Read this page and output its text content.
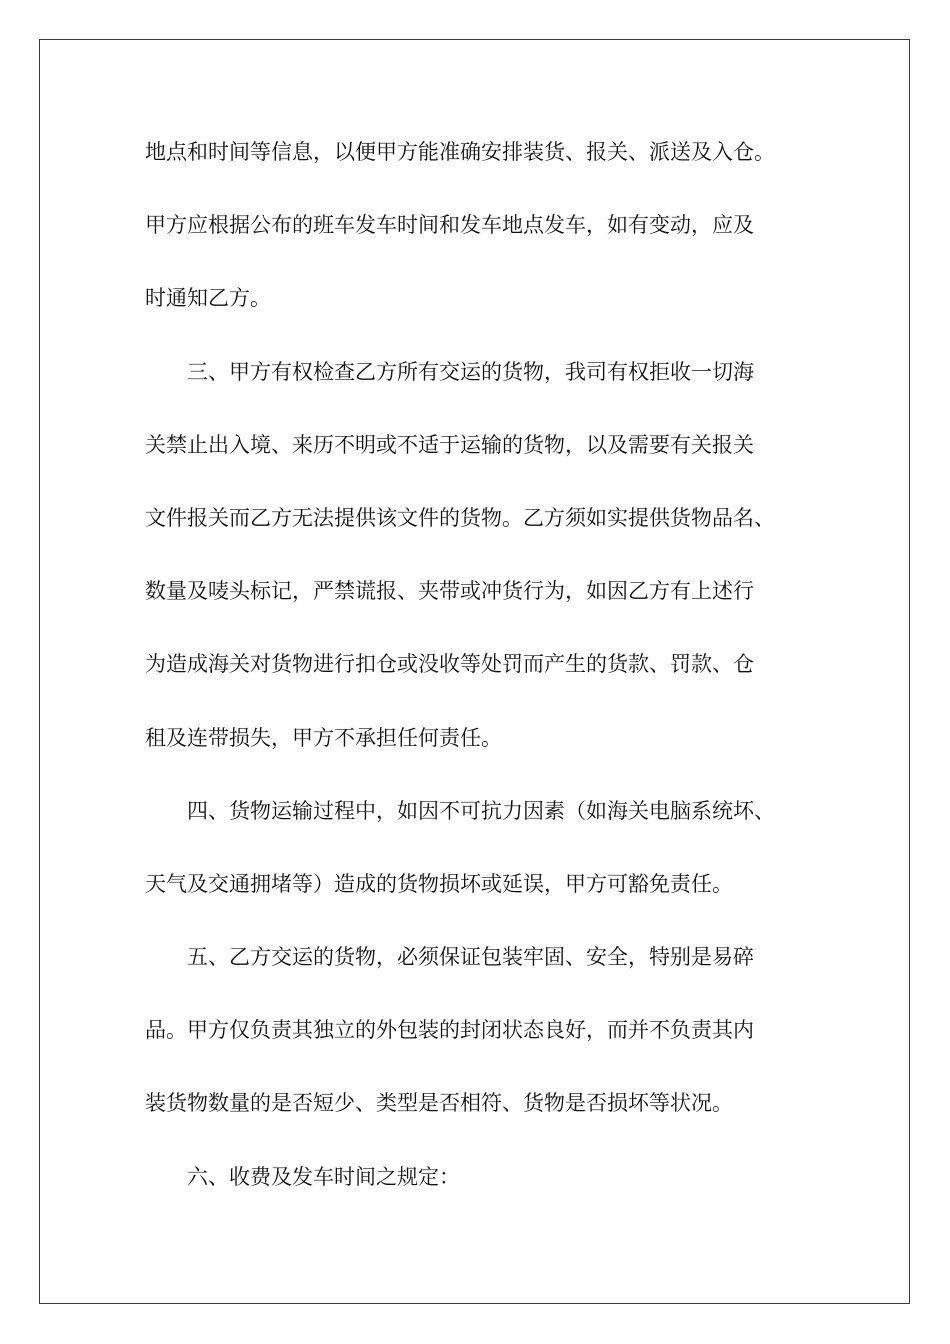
地点和时间等信息，以便甲方能准确安排装货、报关、派送及入仓。
甲方应根据公布的班车发车时间和发车地点发车，如有变动，应及
时通知乙方。
三、甲方有权检查乙方所有交运的货物，我司有权拒收一切海
关禁止出入境、来历不明或不适于运输的货物，以及需要有关报关
文件报关而乙方无法提供该文件的货物。乙方须如实提供货物品名、
数量及唛头标记，严禁谎报、夹带或冲货行为，如因乙方有上述行
为造成海关对货物进行扣仓或没收等处罚而产生的货款、罚款、仓
租及连带损失，甲方不承担任何责任。
四、货物运输过程中，如因不可抗力因素（如海关电脑系统坏、
天气及交通拥堵等）造成的货物损坏或延误，甲方可豁免责任。
五、乙方交运的货物，必须保证包装牢固、安全，特别是易碎
品。甲方仅负责其独立的外包装的封闭状态良好，而并不负责其内
装货物数量的是否短少、类型是否相符、货物是否损坏等状况。
六、收费及发车时间之规定：
